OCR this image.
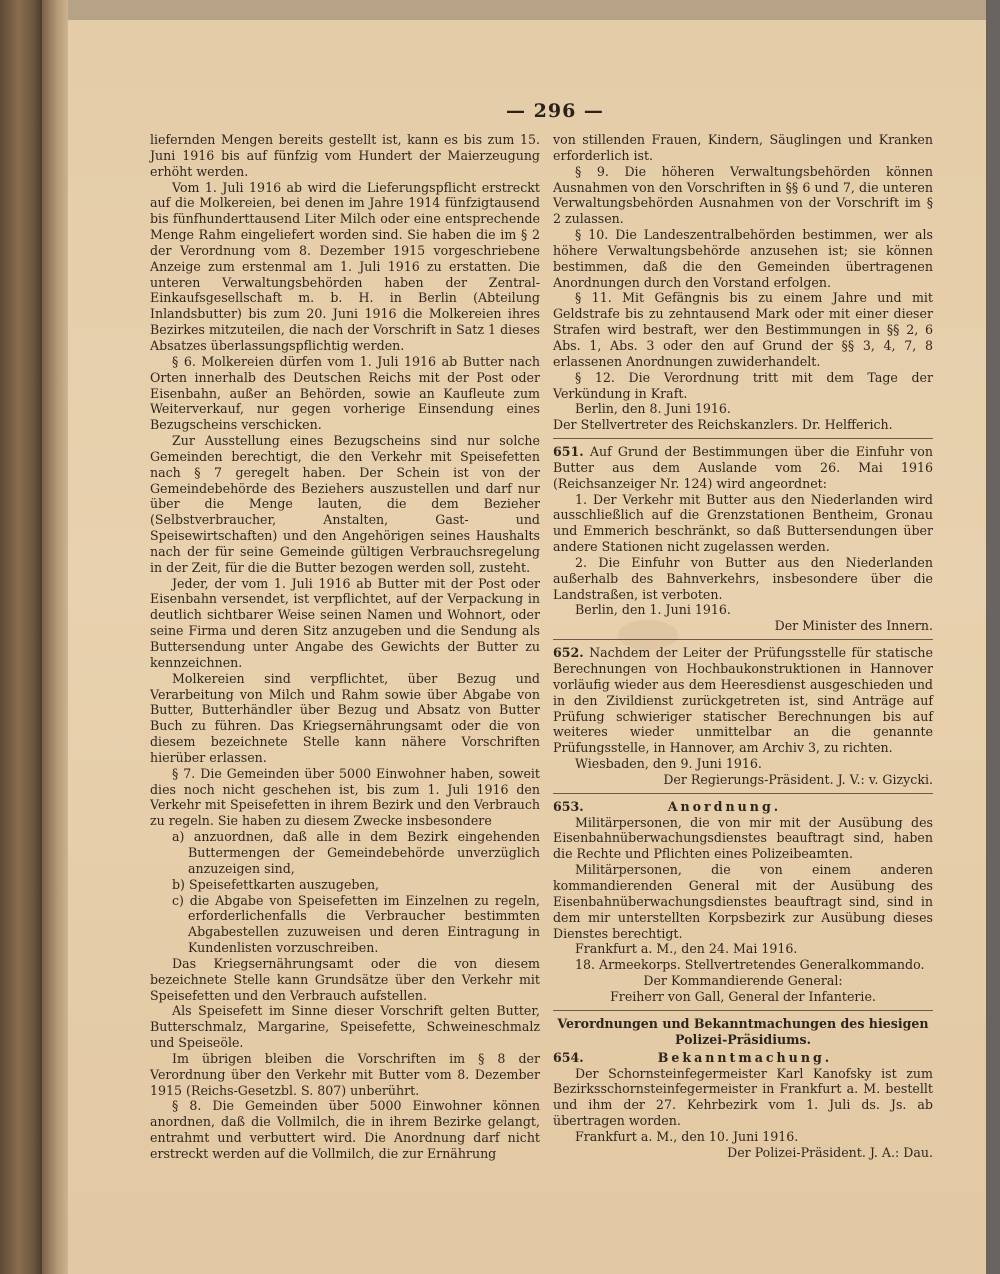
— 296 —

liefernden Mengen bereits gestellt ist, kann es bis zum 15. Juni 1916 bis auf fünfzig vom Hundert der Maierzeugung erhöht werden.

Vom 1. Juli 1916 ab wird die Lieferungspflicht erstreckt auf die Molkereien, bei denen im Jahre 1914 fünfzigtausend bis fünfhunderttausend Liter Milch oder eine entsprechende Menge Rahm eingeliefert worden sind. Sie haben die im § 2 der Verordnung vom 8. Dezember 1915 vorgeschriebene Anzeige zum erstenmal am 1. Juli 1916 zu erstatten. Die unteren Verwaltungsbehörden haben der Zentral-Einkaufsgesellschaft m. b. H. in Berlin (Abteilung Inlandsbutter) bis zum 20. Juni 1916 die Molkereien ihres Bezirkes mitzuteilen, die nach der Vorschrift in Satz 1 dieses Absatzes überlassungspflichtig werden.

§ 6. Molkereien dürfen vom 1. Juli 1916 ab Butter nach Orten innerhalb des Deutschen Reichs mit der Post oder Eisenbahn, außer an Behörden, sowie an Kaufleute zum Weiterverkauf, nur gegen vorherige Einsendung eines Bezugscheins verschicken.

Zur Ausstellung eines Bezugscheins sind nur solche Gemeinden berechtigt, die den Verkehr mit Speisefetten nach § 7 geregelt haben. Der Schein ist von der Gemeindebehörde des Beziehers auszustellen und darf nur über die Menge lauten, die dem Bezieher (Selbstverbraucher, Anstalten, Gast- und Speisewirtschaften) und den Angehörigen seines Haushalts nach der für seine Gemeinde gültigen Verbrauchsregelung in der Zeit, für die die Butter bezogen werden soll, zusteht.

Jeder, der vom 1. Juli 1916 ab Butter mit der Post oder Eisenbahn versendet, ist verpflichtet, auf der Verpackung in deutlich sichtbarer Weise seinen Namen und Wohnort, oder seine Firma und deren Sitz anzugeben und die Sendung als Buttersendung unter Angabe des Gewichts der Butter zu kennzeichnen.

Molkereien sind verpflichtet, über Bezug und Verarbeitung von Milch und Rahm sowie über Abgabe von Butter, Butterhändler über Bezug und Absatz von Butter Buch zu führen. Das Kriegsernährungsamt oder die von diesem bezeichnete Stelle kann nähere Vorschriften hierüber erlassen.

§ 7. Die Gemeinden über 5000 Einwohner haben, soweit dies noch nicht geschehen ist, bis zum 1. Juli 1916 den Verkehr mit Speisefetten in ihrem Bezirk und den Verbrauch zu regeln. Sie haben zu diesem Zwecke insbesondere

a) anzuordnen, daß alle in dem Bezirk eingehenden Buttermengen der Gemeindebehörde unverzüglich anzuzeigen sind,

b) Speisefettkarten auszugeben,

c) die Abgabe von Speisefetten im Einzelnen zu regeln, erforderlichenfalls die Verbraucher bestimmten Abgabestellen zuzuweisen und deren Eintragung in Kundenlisten vorzuschreiben.

Das Kriegsernährungsamt oder die von diesem bezeichnete Stelle kann Grundsätze über den Verkehr mit Speisefetten und den Verbrauch aufstellen.

Als Speisefett im Sinne dieser Vorschrift gelten Butter, Butterschmalz, Margarine, Speisefette, Schweineschmalz und Speiseöle.

Im übrigen bleiben die Vorschriften im § 8 der Verordnung über den Verkehr mit Butter vom 8. Dezember 1915 (Reichs-Gesetzbl. S. 807) unberührt.

§ 8. Die Gemeinden über 5000 Einwohner können anordnen, daß die Vollmilch, die in ihrem Bezirke gelangt, entrahmt und verbuttert wird. Die Anordnung darf nicht erstreckt werden auf die Vollmilch, die zur Ernährung

von stillenden Frauen, Kindern, Säuglingen und Kranken erforderlich ist.

§ 9. Die höheren Verwaltungsbehörden können Ausnahmen von den Vorschriften in §§ 6 und 7, die unteren Verwaltungsbehörden Ausnahmen von der Vorschrift im § 2 zulassen.

§ 10. Die Landeszentralbehörden bestimmen, wer als höhere Verwaltungsbehörde anzusehen ist; sie können bestimmen, daß die den Gemeinden übertragenen Anordnungen durch den Vorstand erfolgen.

§ 11. Mit Gefängnis bis zu einem Jahre und mit Geldstrafe bis zu zehntausend Mark oder mit einer dieser Strafen wird bestraft, wer den Bestimmungen in §§ 2, 6 Abs. 1, Abs. 3 oder den auf Grund der §§ 3, 4, 7, 8 erlassenen Anordnungen zuwiderhandelt.

§ 12. Die Verordnung tritt mit dem Tage der Verkündung in Kraft.

Berlin, den 8. Juni 1916.

Der Stellvertreter des Reichskanzlers. Dr. Helfferich.

651. Auf Grund der Bestimmungen über die Einfuhr von Butter aus dem Auslande vom 26. Mai 1916 (Reichsanzeiger Nr. 124) wird angeordnet:

1. Der Verkehr mit Butter aus den Niederlanden wird ausschließlich auf die Grenzstationen Bentheim, Gronau und Emmerich beschränkt, so daß Buttersendungen über andere Stationen nicht zugelassen werden.

2. Die Einfuhr von Butter aus den Niederlanden außerhalb des Bahnverkehrs, insbesondere über die Landstraßen, ist verboten.

Berlin, den 1. Juni 1916.

Der Minister des Innern.

652. Nachdem der Leiter der Prüfungsstelle für statische Berechnungen von Hochbaukonstruktionen in Hannover vorläufig wieder aus dem Heeresdienst ausgeschieden und in den Zivildienst zurückgetreten ist, sind Anträge auf Prüfung schwieriger statischer Berechnungen bis auf weiteres wieder unmittelbar an die genannte Prüfungsstelle, in Hannover, am Archiv 3, zu richten.

Wiesbaden, den 9. Juni 1916.

Der Regierungs-Präsident. J. V.: v. Gizycki.

653.	Anordnung.

Militärpersonen, die von mir mit der Ausübung des Eisenbahnüberwachungsdienstes beauftragt sind, haben die Rechte und Pflichten eines Polizeibeamten.

Militärpersonen, die von einem anderen kommandierenden General mit der Ausübung des Eisenbahnüberwachungsdienstes beauftragt sind, sind in dem mir unterstellten Korpsbezirk zur Ausübung dieses Dienstes berechtigt.

Frankfurt a. M., den 24. Mai 1916.

18. Armeekorps. Stellvertretendes Generalkommando.

Der Kommandierende General:

Freiherr von Gall, General der Infanterie.

Verordnungen und Bekanntmachungen des hiesigen Polizei-Präsidiums.

654.	Bekanntmachung.

Der Schornsteinfegermeister Karl Kanofsky ist zum Bezirksschornsteinfegermeister in Frankfurt a. M. bestellt und ihm der 27. Kehrbezirk vom 1. Juli ds. Js. ab übertragen worden.

Frankfurt a. M., den 10. Juni 1916.

Der Polizei-Präsident. J. A.: Dau.
